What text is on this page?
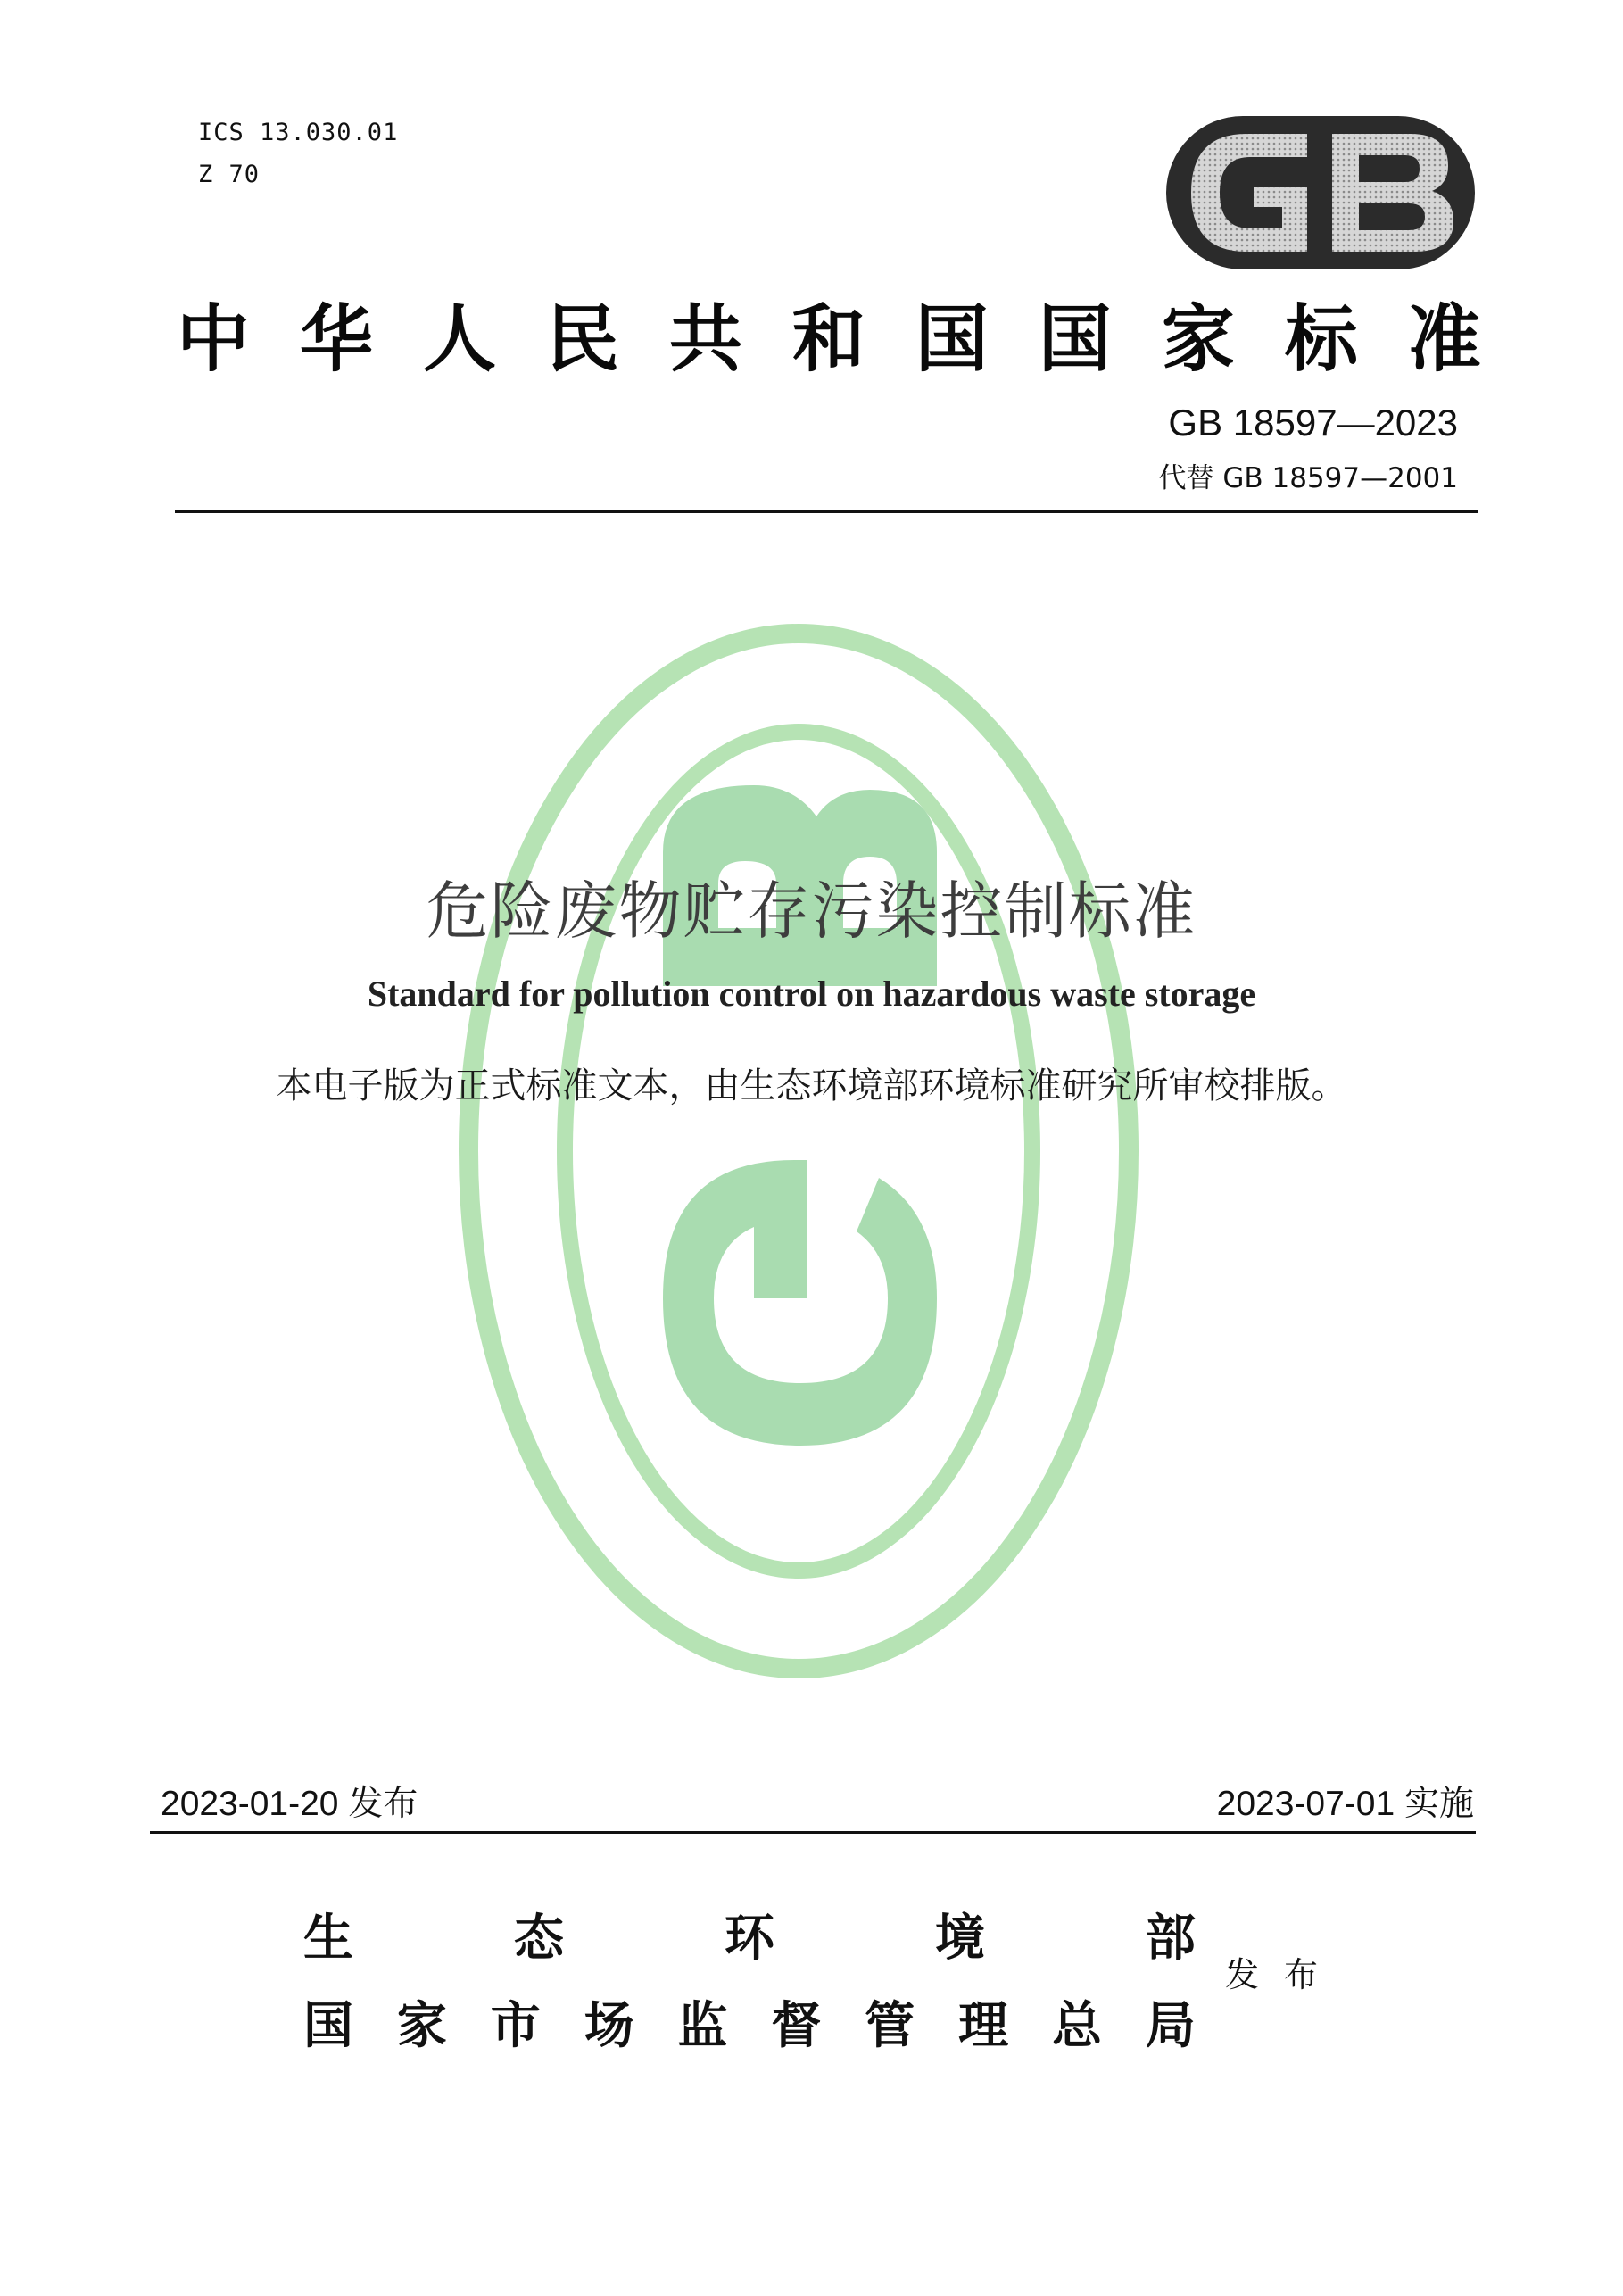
ICS 13.030.01
Z 70
中 华 人 民 共 和 国 国 家 标 准
GB 18597—2023
代替 GB 18597—2001
危险废物贮存污染控制标准
Standard for pollution control on hazardous waste storage
本电子版为正式标准文本，由生态环境部环境标准研究所审校排版。
2023-01-20 发布	2023-07-01 实施
生	态	环	境	部
国 家 市 场 监 督 管 理 总 局
发布
